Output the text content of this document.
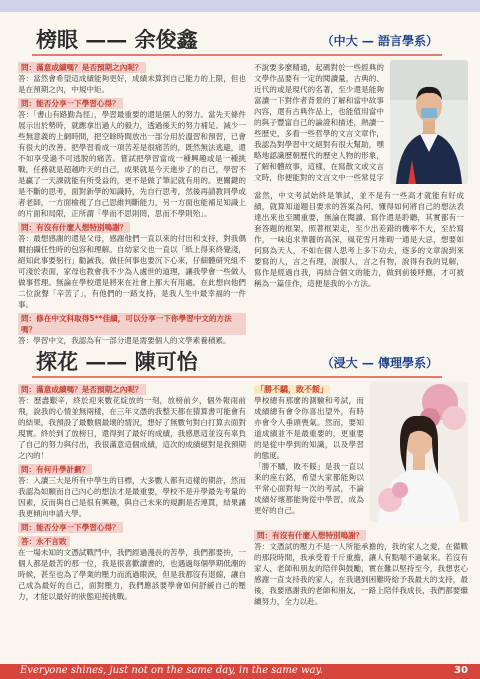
榜眼 —— 余俊鑫	（中大 — 語言學系）
問：滿意成績嗎？是否預期之內呢？
答：當然會希望這成績能夠更好，成績未算到自己能力的上限，但也是在預期之內，中規中矩。
問：能否分享一下學習心得？
答：「書山有路勤為徑」，學習最重要的還是個人的努力。當先天條件展示出於勢時，就應拿出過人的毅力，透過後天的努力補足。減少一些無意義的上網時間，把空餘時間放出一部分用於溫習和預習，已會有很大的改善。把學習看成一項苦差是很痛苦的，既然無法逃避，還不如享受過不可逃脫的痛苦。嘗試把學習當成一種興趣或是一種挑戰，任務就是超越昨天的自己，成果就是今天進步了的自己，學習不是贏了一天課就能有所受益的，更不是做了筆記就有用的。更關鍵的是不斷的思考，面對新學的知識時，先自行思考，然後再請教同學或者老師，一方面檢視了自己思維判斷能力，另一方面也能補足知識上的片面和局限，正所謂「學而不思則罔，思而不學則殆」。
問：有沒有什麼人想特別鳴謝？
答：最想感謝的還是父母，感謝他們一直以來的付出和支持，對我偶爾拍攝任性時的包容和理解。自幼家父也一直以「紙上得來終覺淺，絕知此事要躬行」勸誡我，做任何事也要沉下心來，仔細體研究組不可淺於表面，家母也教會我不少為人處世的道理，讓我學會一些做人做事哲理。無論在學校還是將來在社會上都大有用處，在此想向他們二位說聲「辛苦了」，有他們的一路支持，是我人生中最幸福的一件事。
問：修在中文科取得5**佳績，可以分享一下你學習中文的方法嗎？
答：學習中文，我認為有一部分還是需要個人的文學素養積累。
不說要多麼精通，起碼對於一些經典的文學作品要有一定的閱讀量，古典的、近代的或是現代的名著，至少還是能夠富讀一下對作者背景的了解和當中故事內容，還有古典作品上，也能值用當中的與子豐富自己的論證和描述，熱讀一些歷史，多看一些哲學的文言文章作，我認為對學習中文絕對有很大幫助，嘿略地認識歷朝歷代的歷史人物的形象，了解和體故事，這樣，在寫散文或文言文時，你便能對的文言文中一些常見字
當然，中文考試始終是筆試，並不是有一些高才就能有好成績，就算知道題目要求的答案為何，懂得如何將自己的想法表達出來也至關重要，無論在閱讀、寫作還是聆聽，其實都有一套答題的框架，照著框架走，至少出差錯的機率不大，至於寫作，一味追求華麗的高深，風花雪月堆砌一通是大忌，想要如何寫為天人，不如在個人思考上多下功夫，逐多的文章說到來要寫的人，言之有理，說服人，言之有物，說得有我的見解，寫作是經過自我，再結合個文的能力，做到前後呼應，才可被稱為一篇佳作，這便是我的小方法。
探花 —— 陳可怡	（浸大 — 傳理學系）
問：滿意成績嗎？是否預期之內呢？
答：歷盡艱辛，終於迎來數花綻放的一刻，放榜前夕，個外報雨前飛，說我的心情並無兩樣，在三年文憑的我整天都在猜算書可能會有的結果，我預設了最數個最壞的情況，想好了無數句對白打算去面對現實。終於到了放榜日，還得到了最好的成績，我感恩這並沒有辜負了自己的努力與付出，我很滿意這個成績，這次的成績絕對是我預期之內的！
問：有何升學計劃？
答：入讀三大是所有中學生的目標，大多數人都有這樣的期許，然而我認為如願而自己內心的想法才是最重要，學校不是升學最先考量的因素，反而與自己是很有興趣，與自己未來的規劃是否連貫，結果讓我更傾向申請大學。
問：能否分享一下學習心得？
答：永不言敗
在一場未知的文憑試戰鬥中，我們經過漫長的苦學，我們都要拚，一個人都是最苦的那一位，我是很喜歡讀書的，也遇過每個學期低潮的時候，甚至也為了學業的壓力而流過眼淚，但是我都沒有退縮，讓自己成為最好的自己，面對壓力，我們應該要學會如何舒緩自己的壓力，才能以最好的狀態迎接挑戰。
「勝不驕，敗不餒」
學校總有那麼的測驗和考試，而成績總有會令你喜出望外，有時亦會令人垂頭喪氣。然而，要知道成績並不是最重要的，更重要的是從中學到的知識，以及學習的態度。
「勝不驕，敗不餒」是我一直以來的座右銘，希望大家都能夠以平常心面對每一次的考試，不論成績好壞都能夠從中學習，成為更好的自己。
問：有沒有什麼人想特別鳴謝？
答：文憑試的壓力不是一人所能承擔的，我的家人之愛，在備戰的那段時間，我承受着千斤重擔，讓人有點喘不過氣來。若沒有家人、老師和朋友的陪伴與鼓勵，實在難以堅持至今，我想衷心感謝一直支持我的家人，在我遇到困難時給予我最大的支持，最後，我要感謝我的老師和朋友，一路上陪伴我成長，我們都要繼續努力，全力以赴。
Everyone shines, just not on the same day, in the same way.	30
